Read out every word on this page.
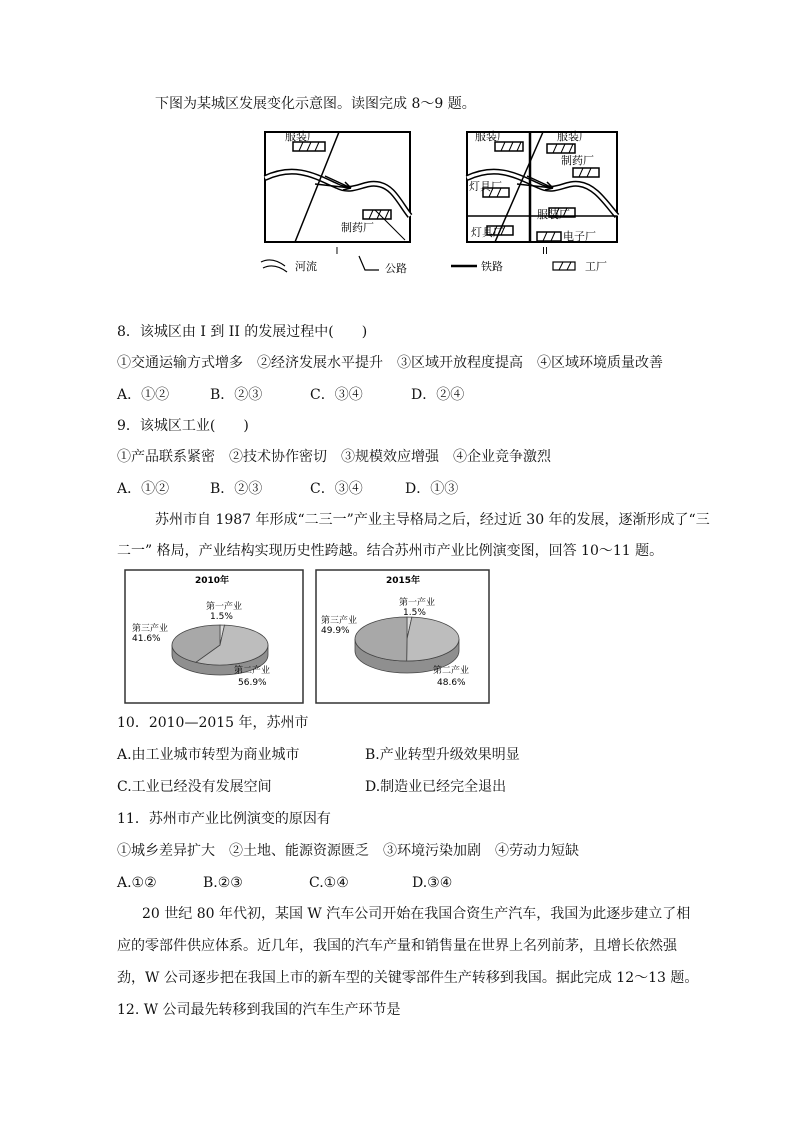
下图为某城区发展变化示意图。读图完成 8～9 题。
服装厂
制药厂
I
服装厂	服装厂
制药厂
灯具厂
灯具厂
服装厂
电子厂
II
河流	公路	铁路	工厂
8．该城区由 I 到 II 的发展过程中(　　)
①交通运输方式增多　②经济发展水平提升　③区域开放程度提高　④区域环境质量改善
A．①②	B．②③	C．③④	D．②④
9．该城区工业(　　)
①产品联系紧密　②技术协作密切　③规模效应增强　④企业竞争激烈
A．①②	B．②③	C．③④	D．①③
苏州市自 1987 年形成“二三一”产业主导格局之后，经过近 30 年的发展，逐渐形成了“三
二一” 格局，产业结构实现历史性跨越。结合苏州市产业比例演变图，回答 10～11 题。
2010年
第一产业
1.5%
第三产业
41.6%
第二产业
56.9%
2015年
第一产业
1.5%
第三产业
49.9%
第二产业
48.6%
10．2010—2015 年，苏州市
A.由工业城市转型为商业城市	B.产业转型升级效果明显
C.工业已经没有发展空间	D.制造业已经完全退出
11．苏州市产业比例演变的原因有
①城乡差异扩大　②土地、能源资源匮乏　③环境污染加剧　④劳动力短缺
A.①②	B.②③	C.①④	D.③④
20 世纪 80 年代初，某国 W 汽车公司开始在我国合资生产汽车，我国为此逐步建立了相
应的零部件供应体系。近几年，我国的汽车产量和销售量在世界上名列前茅，且增长依然强
劲，W 公司逐步把在我国上市的新车型的关键零部件生产转移到我国。据此完成 12～13 题。
12. W 公司最先转移到我国的汽车生产环节是
